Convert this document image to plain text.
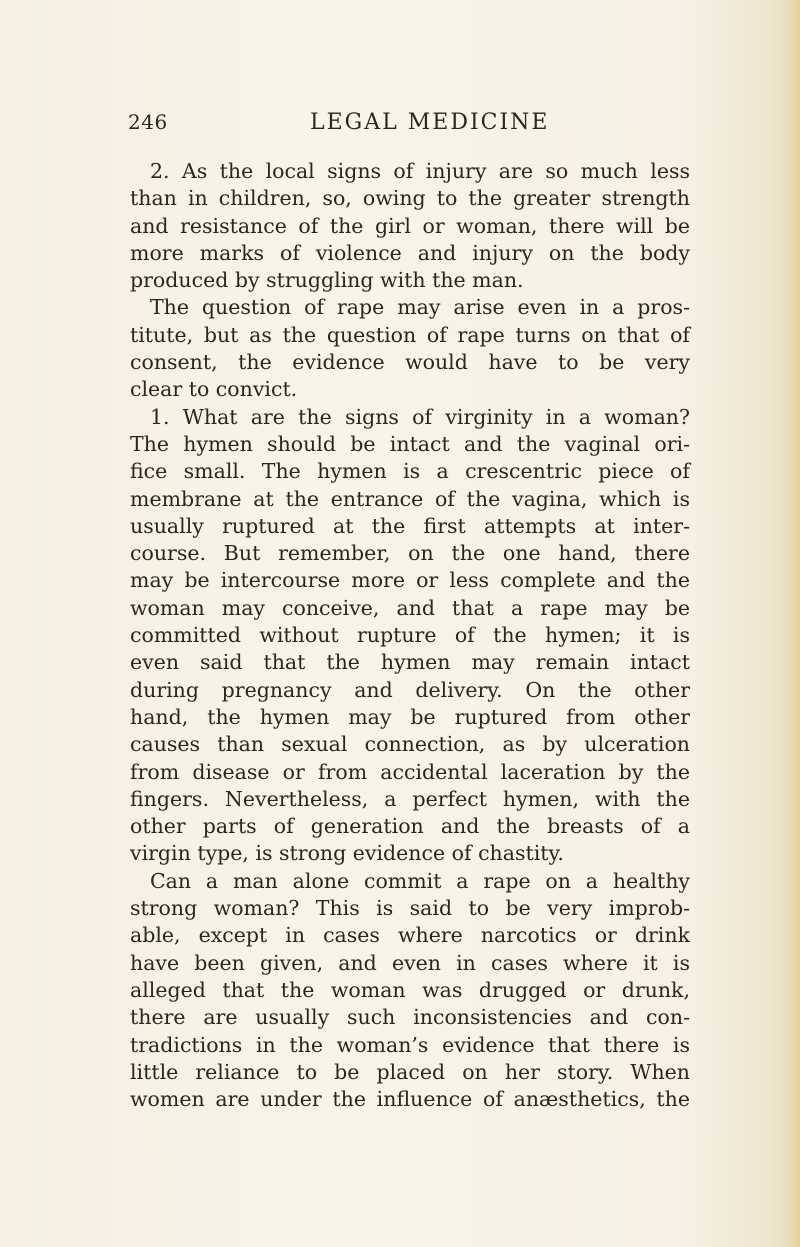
246	LEGAL MEDICINE
2. As the local signs of injury are so much less
than in children, so, owing to the greater strength
and resistance of the girl or woman, there will be
more marks of violence and injury on the body
produced by struggling with the man.
The question of rape may arise even in a pros-
titute, but as the question of rape turns on that of
consent, the evidence would have to be very
clear to convict.
1. What are the signs of virginity in a woman?
The hymen should be intact and the vaginal ori-
fice small. The hymen is a crescentric piece of
membrane at the entrance of the vagina, which is
usually ruptured at the first attempts at inter-
course. But remember, on the one hand, there
may be intercourse more or less complete and the
woman may conceive, and that a rape may be
committed without rupture of the hymen; it is
even said that the hymen may remain intact
during pregnancy and delivery. On the other
hand, the hymen may be ruptured from other
causes than sexual connection, as by ulceration
from disease or from accidental laceration by the
fingers. Nevertheless, a perfect hymen, with the
other parts of generation and the breasts of a
virgin type, is strong evidence of chastity.
Can a man alone commit a rape on a healthy
strong woman? This is said to be very improb-
able, except in cases where narcotics or drink
have been given, and even in cases where it is
alleged that the woman was drugged or drunk,
there are usually such inconsistencies and con-
tradictions in the woman’s evidence that there is
little reliance to be placed on her story. When
women are under the influence of anæsthetics, the
